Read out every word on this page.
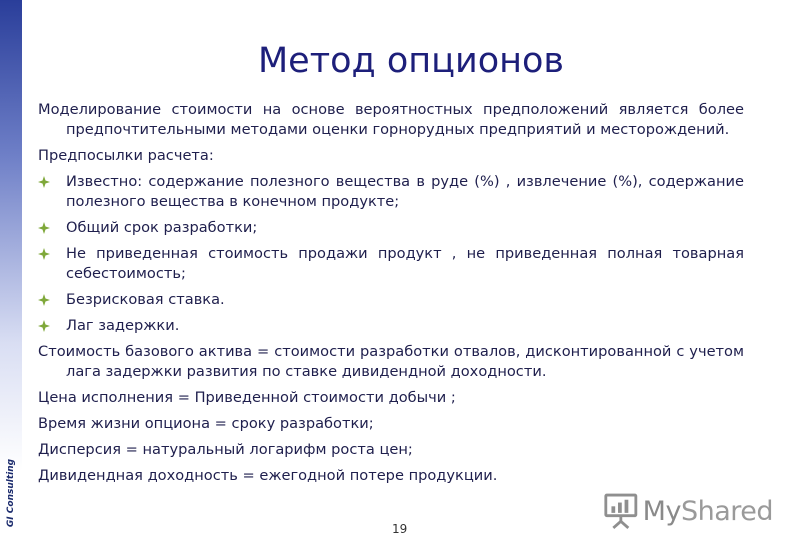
GI Consulting
Метод опционов

Моделирование стоимости на основе вероятностных предположений является более предпочтительными методами оценки горнорудных предприятий и месторождений.

Предпосылки расчета:

Известно: содержание полезного вещества в руде (%) , извлечение (%), содержание полезного вещества в конечном продукте;
Общий срок разработки;
Не приведенная стоимость продажи продукт , не приведенная полная товарная себестоимость;
Безрисковая ставка.
Лаг задержки.

Стоимость базового актива = стоимости разработки отвалов, дисконтированной с учетом лага задержки развития по ставке дивидендной доходности.

Цена исполнения = Приведенной стоимости добычи ;

Время жизни опциона = сроку разработки;

Дисперсия = натуральный логарифм роста цен;

Дивидендная доходность = ежегодной потере продукции.

MyShared
19
